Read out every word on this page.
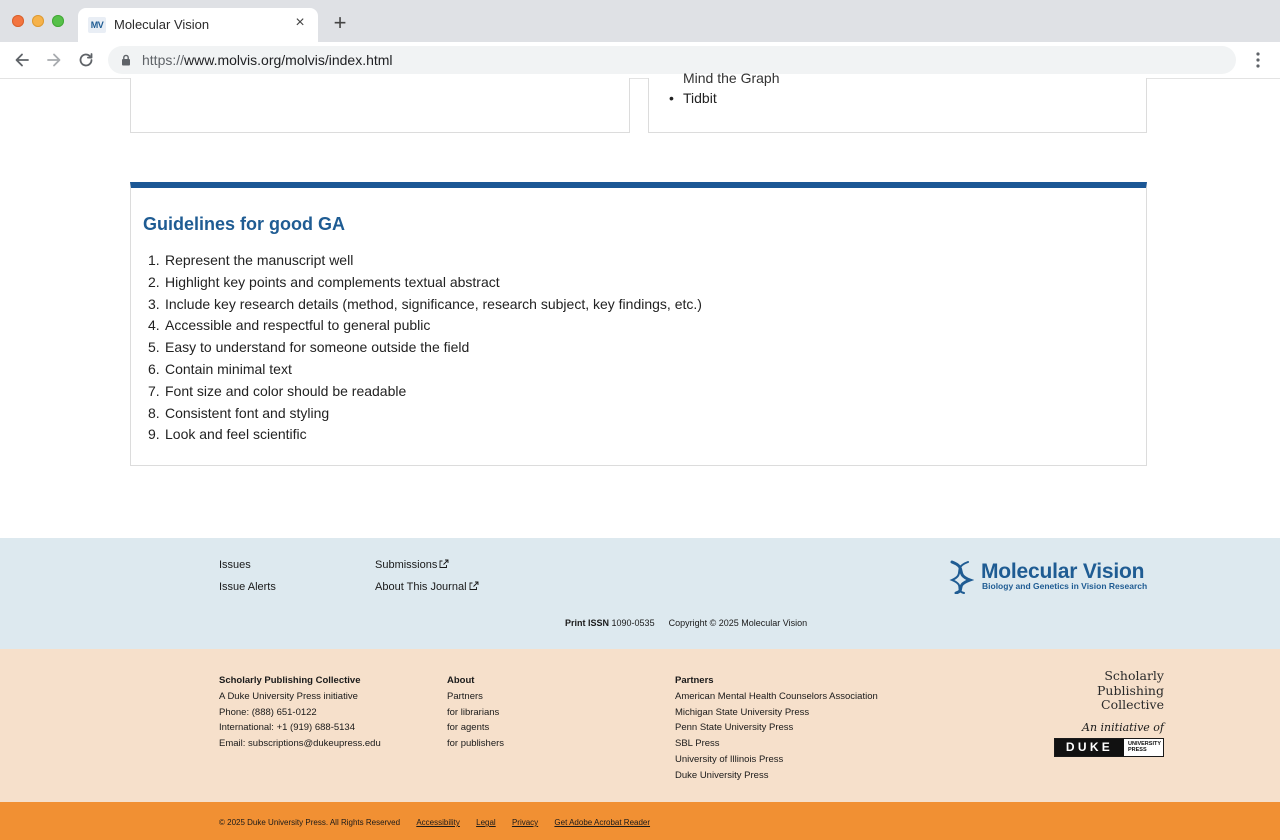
MV Molecular Vision	× +
https://www.molvis.org/molvis/index.html
Mind the Graph
• Tidbit
Guidelines for good GA
1. Represent the manuscript well
2. Highlight key points and complements textual abstract
3. Include key research details (method, significance, research subject, key findings, etc.)
4. Accessible and respectful to general public
5. Easy to understand for someone outside the field
6. Contain minimal text
7. Font size and color should be readable
8. Consistent font and styling
9. Look and feel scientific
Issues
Issue Alerts
Submissions
About This Journal
Molecular Vision
Biology and Genetics in Vision Research
Print ISSN 1090-0535 Copyright © 2025 Molecular Vision
Scholarly Publishing Collective
A Duke University Press initiative
Phone: (888) 651-0122
International: +1 (919) 688-5134
Email: subscriptions@dukeupress.edu
About
Partners
for librarians
for agents
for publishers
Partners
American Mental Health Counselors Association
Michigan State University Press
Penn State University Press
SBL Press
University of Illinois Press
Duke University Press
Scholarly
Publishing
Collective
An initiative of
DUKE	UNIVERSITY
PRESS
© 2025 Duke University Press. All Rights Reserved Accessibility Legal Privacy Get Adobe Acrobat Reader
